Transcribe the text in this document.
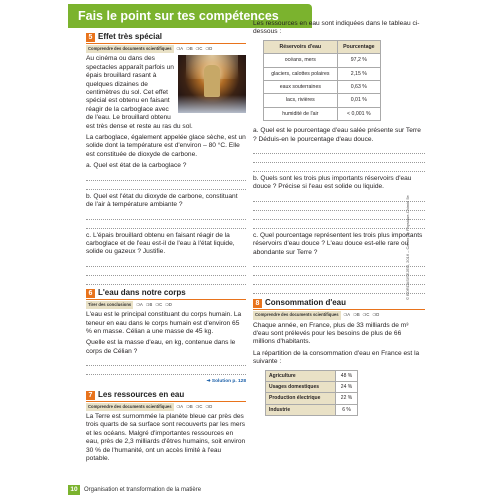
Fais le point sur tes compétences
5 Effet très spécial
Comprendre des documents scientifiques	❍A ❍B ❍C ❍D

Au cinéma ou dans des spectacles apparaît parfois un épais brouillard rasant à quelques dizaines de centimètres du sol. Cet effet spécial est obtenu en faisant réagir de la carboglace avec de l'eau. Le brouillard obtenu est très dense et reste au ras du sol.

La carboglace, également appelée glace sèche, est un solide dont la température est d'environ – 80 °C. Elle est constituée de dioxyde de carbone.

a. Quel est état de la carboglace ?

b. Quel est l'état du dioxyde de carbone, constituant de l'air à température ambiante ?

c. L'épais brouillard obtenu en faisant réagir de la carboglace et de l'eau est-il de l'eau à l'état liquide, solide ou gazeux ? Justifie.

6 L'eau dans notre corps
Tirer des conclusions	❍A ❍B ❍C ❍D

L'eau est le principal constituant du corps humain. La teneur en eau dans le corps humain est d'environ 65 % en masse. Célian a une masse de 45 kg.

Quelle est la masse d'eau, en kg, contenue dans le corps de Célian ?

➜ Solution p. 128
7 Les ressources en eau
Comprendre des documents scientifiques	❍A ❍B ❍C ❍D

La Terre est surnommée la planète bleue car près des trois quarts de sa surface sont recouverts par les mers et les océans. Malgré d'importantes ressources en eau, près de 2,3 milliards d'êtres humains, soit environ 30 % de l'humanité, ont un accès limité à l'eau potable.

Les ressources en eau sont indiquées dans le tableau ci-dessous :

Réservoirs d'eau	Pourcentage
océans, mers	97,2 %
glaciers, calottes polaires	2,15 %
eaux souterraines	0,63 %
lacs, rivières	0,01 %
humidité de l'air	< 0,001 %

a. Quel est le pourcentage d'eau salée présente sur Terre ? Déduis-en le pourcentage d'eau douce.

b. Quels sont les trois plus importants réservoirs d'eau douce ? Précise si l'eau est solide ou liquide.

c. Quel pourcentage représentent les trois plus importants réservoirs d'eau douce ? L'eau douce est-elle rare ou abondante sur Terre ?

8 Consommation d'eau
Comprendre des documents scientifiques	❍A ❍B ❍C ❍D

Chaque année, en France, plus de 33 milliards de m³ d'eau sont prélevés pour les besoins de plus de 66 millions d'habitants.

La répartition de la consommation d'eau en France est la suivante :

Agriculture	48 %
Usages domestiques	24 %
Production électrique	22 %
Industrie	6 %
© BORDAS/SEJER, 2016 – Cahier de Physique-Chimie 5e
10	Organisation et transformation de la matière
